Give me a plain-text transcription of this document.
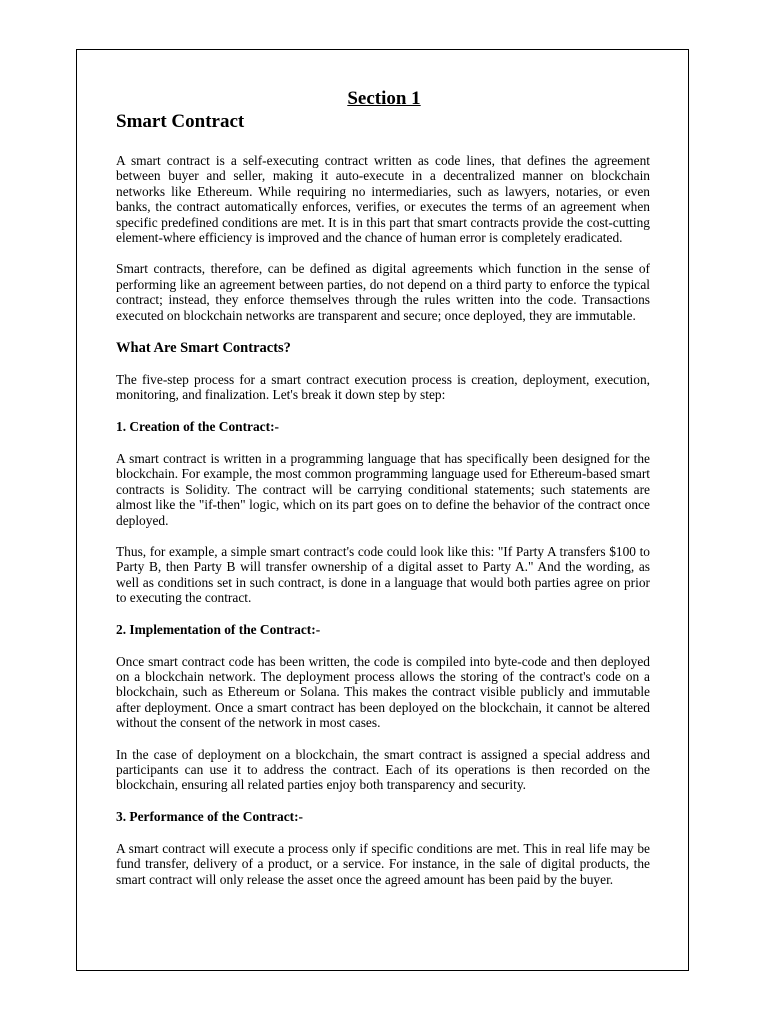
Section 1
Smart Contract

A smart contract is a self-executing contract written as code lines, that defines the agreement between buyer and seller, making it auto-execute in a decentralized manner on blockchain networks like Ethereum. While requiring no intermediaries, such as lawyers, notaries, or even banks, the contract automatically enforces, verifies, or executes the terms of an agreement when specific predefined conditions are met. It is in this part that smart contracts provide the cost-cutting element-where efficiency is improved and the chance of human error is completely eradicated.

Smart contracts, therefore, can be defined as digital agreements which function in the sense of performing like an agreement between parties, do not depend on a third party to enforce the typical contract; instead, they enforce themselves through the rules written into the code. Transactions executed on blockchain networks are transparent and secure; once deployed, they are immutable.

What Are Smart Contracts?

The five-step process for a smart contract execution process is creation, deployment, execution, monitoring, and finalization. Let's break it down step by step:

1. Creation of the Contract:-

A smart contract is written in a programming language that has specifically been designed for the blockchain. For example, the most common programming language used for Ethereum-based smart contracts is Solidity. The contract will be carrying conditional statements; such statements are almost like the "if-then" logic, which on its part goes on to define the behavior of the contract once deployed.

Thus, for example, a simple smart contract's code could look like this: "If Party A transfers $100 to Party B, then Party B will transfer ownership of a digital asset to Party A." And the wording, as well as conditions set in such contract, is done in a language that would both parties agree on prior to executing the contract.

2. Implementation of the Contract:-

Once smart contract code has been written, the code is compiled into byte-code and then deployed on a blockchain network. The deployment process allows the storing of the contract's code on a blockchain, such as Ethereum or Solana. This makes the contract visible publicly and immutable after deployment. Once a smart contract has been deployed on the blockchain, it cannot be altered without the consent of the network in most cases.

In the case of deployment on a blockchain, the smart contract is assigned a special address and participants can use it to address the contract. Each of its operations is then recorded on the blockchain, ensuring all related parties enjoy both transparency and security.

3. Performance of the Contract:-

A smart contract will execute a process only if specific conditions are met. This in real life may be fund transfer, delivery of a product, or a service. For instance, in the sale of digital products, the smart contract will only release the asset once the agreed amount has been paid by the buyer.
